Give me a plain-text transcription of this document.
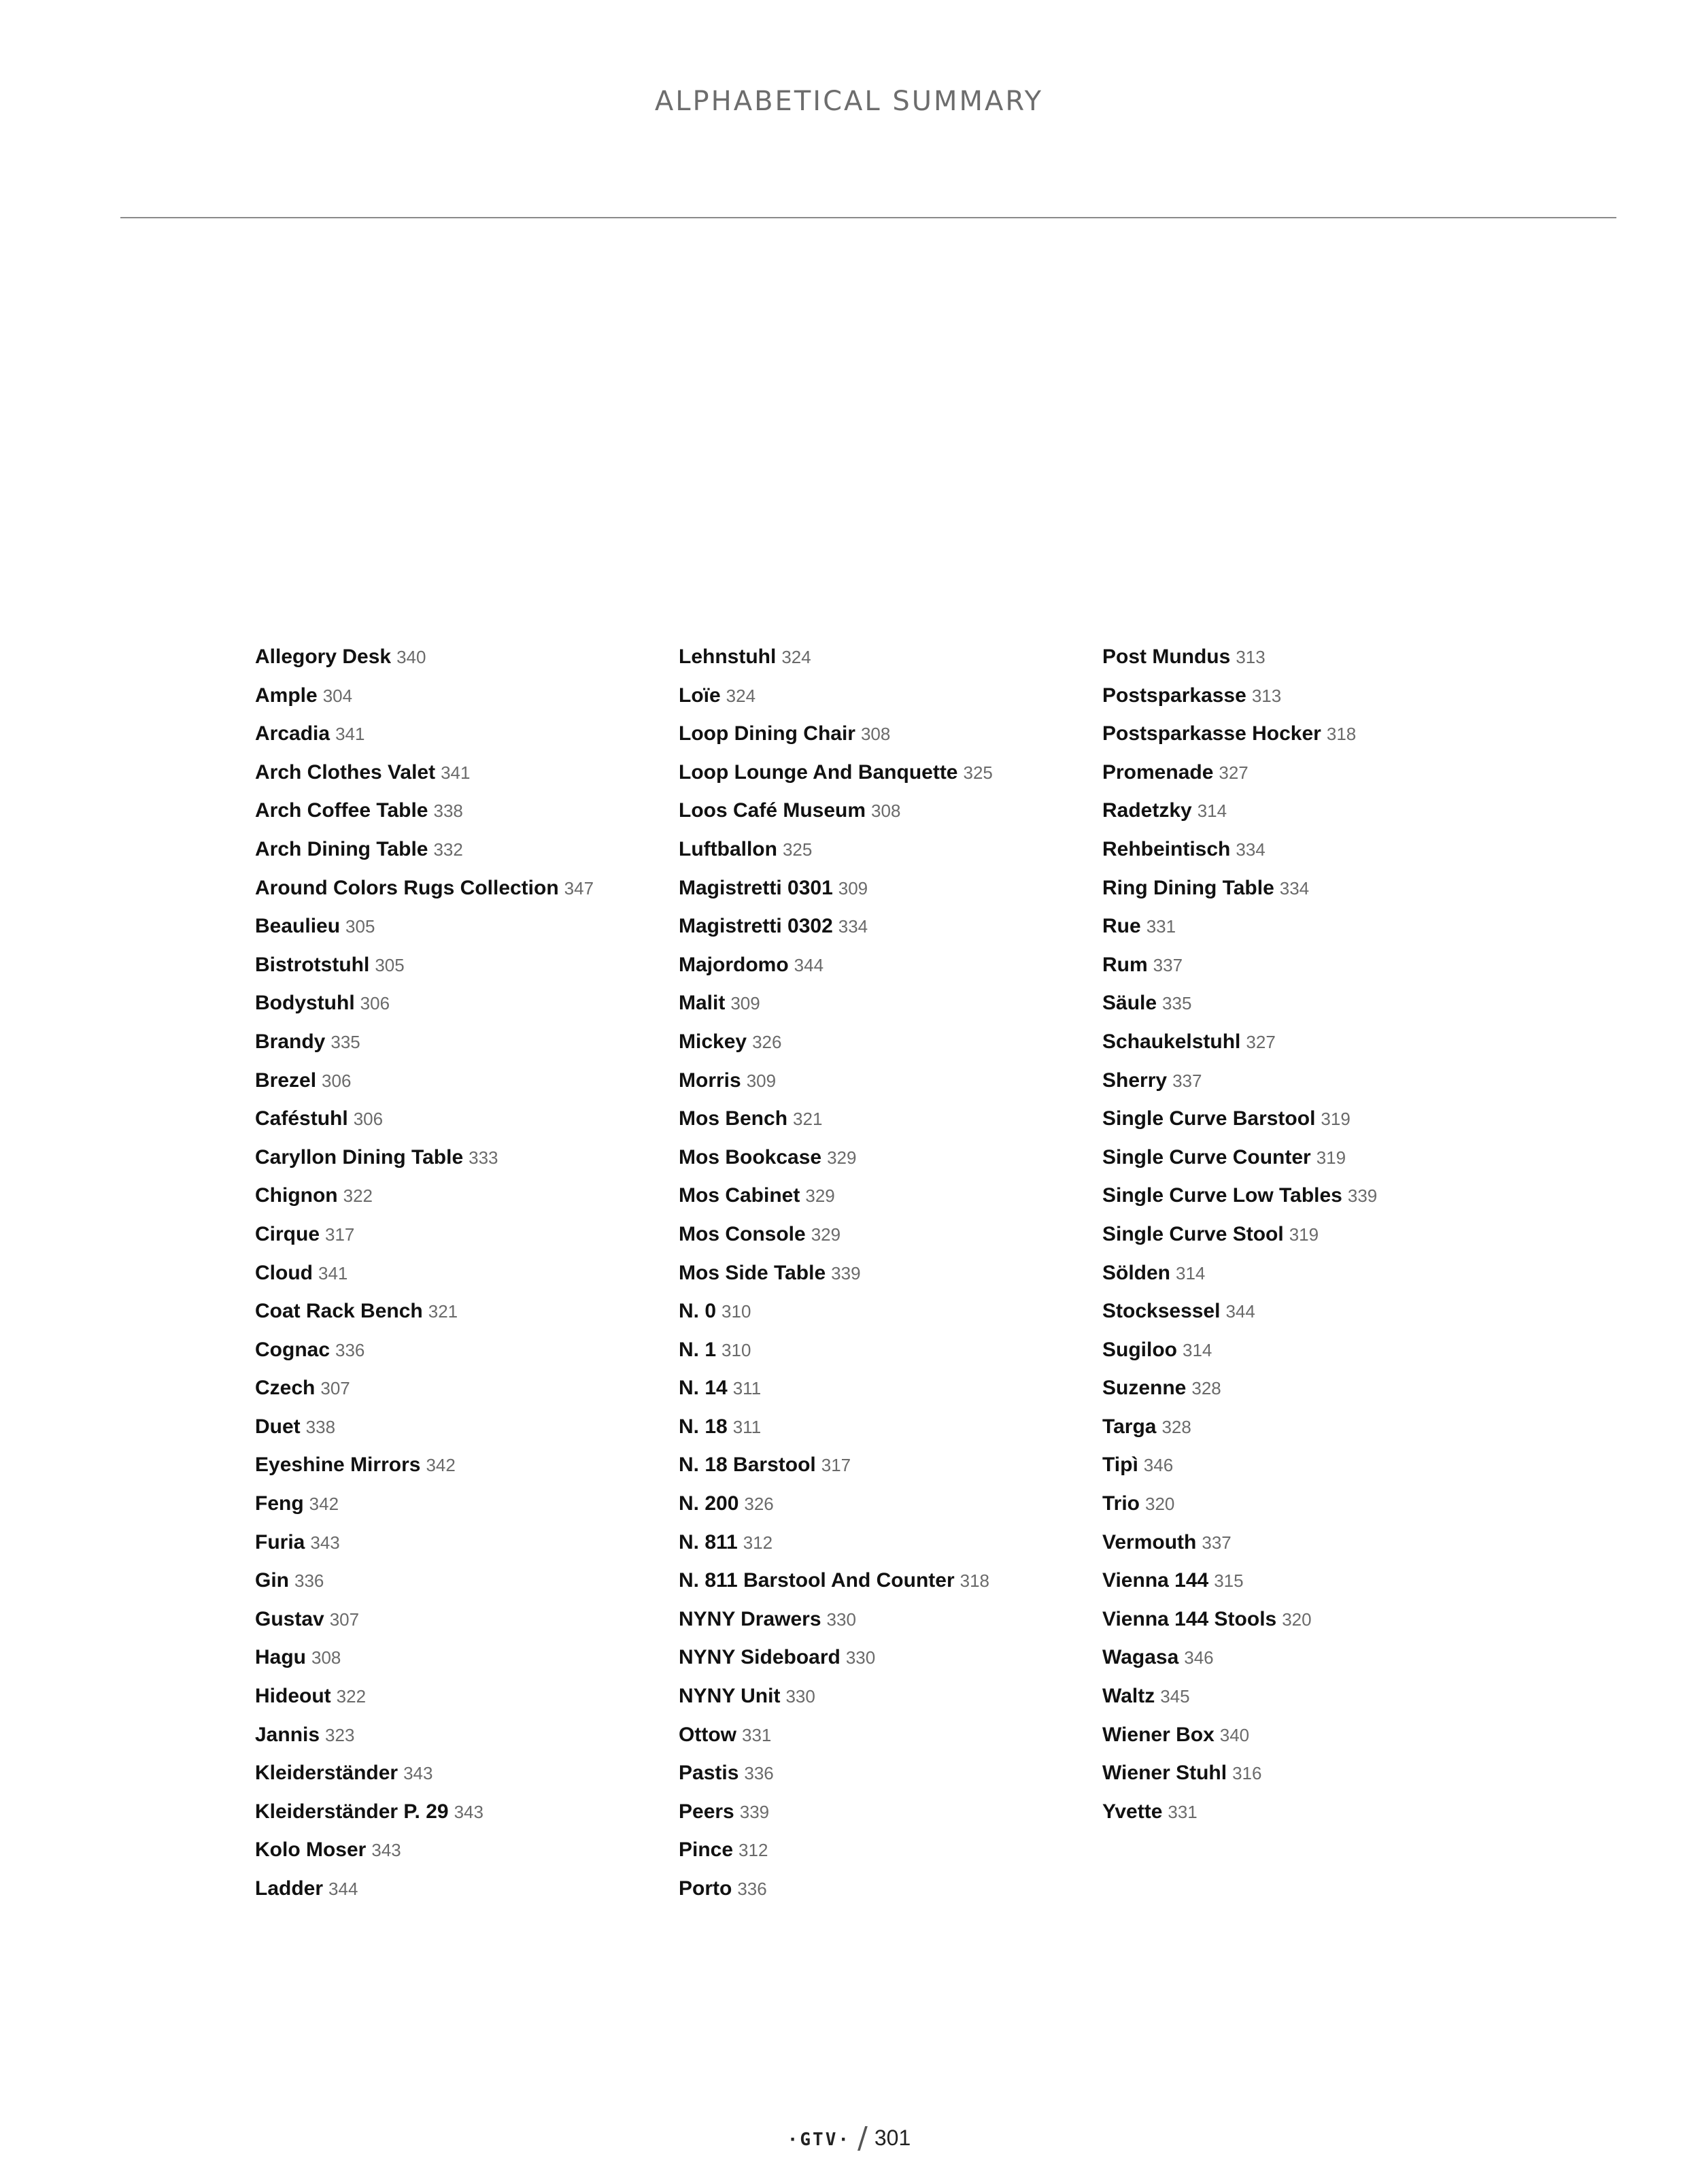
ALPHABETICAL SUMMARY
Allegory Desk 340
Ample 304
Arcadia 341
Arch Clothes Valet 341
Arch Coffee Table 338
Arch Dining Table 332
Around Colors Rugs Collection 347
Beaulieu 305
Bistrotstuhl 305
Bodystuhl 306
Brandy 335
Brezel 306
Caféstuhl 306
Caryllon Dining Table 333
Chignon 322
Cirque 317
Cloud 341
Coat Rack Bench 321
Cognac 336
Czech 307
Duet 338
Eyeshine Mirrors 342
Feng 342
Furia 343
Gin 336
Gustav 307
Hagu 308
Hideout 322
Jannis 323
Kleiderständer 343
Kleiderständer P. 29 343
Kolo Moser 343
Ladder 344
Lehnstuhl 324
Loïe 324
Loop Dining Chair 308
Loop Lounge And Banquette 325
Loos Café Museum 308
Luftballon 325
Magistretti 0301 309
Magistretti 0302 334
Majordomo 344
Malit 309
Mickey 326
Morris 309
Mos Bench 321
Mos Bookcase 329
Mos Cabinet 329
Mos Console 329
Mos Side Table 339
N. 0 310
N. 1 310
N. 14 311
N. 18 311
N. 18 Barstool 317
N. 200 326
N. 811 312
N. 811 Barstool And Counter 318
NYNY Drawers 330
NYNY Sideboard 330
NYNY Unit 330
Ottow 331
Pastis 336
Peers 339
Pince 312
Porto 336
Post Mundus 313
Postsparkasse 313
Postsparkasse Hocker 318
Promenade 327
Radetzky 314
Rehbeintisch 334
Ring Dining Table 334
Rue 331
Rum 337
Säule 335
Schaukelstuhl 327
Sherry 337
Single Curve Barstool 319
Single Curve Counter 319
Single Curve Low Tables 339
Single Curve Stool 319
Sölden 314
Stocksessel 344
Sugiloo 314
Suzenne 328
Targa 328
Tipì 346
Trio 320
Vermouth 337
Vienna 144 315
Vienna 144 Stools 320
Wagasa 346
Waltz 345
Wiener Box 340
Wiener Stuhl 316
Yvette 331
·GTV· / 301
